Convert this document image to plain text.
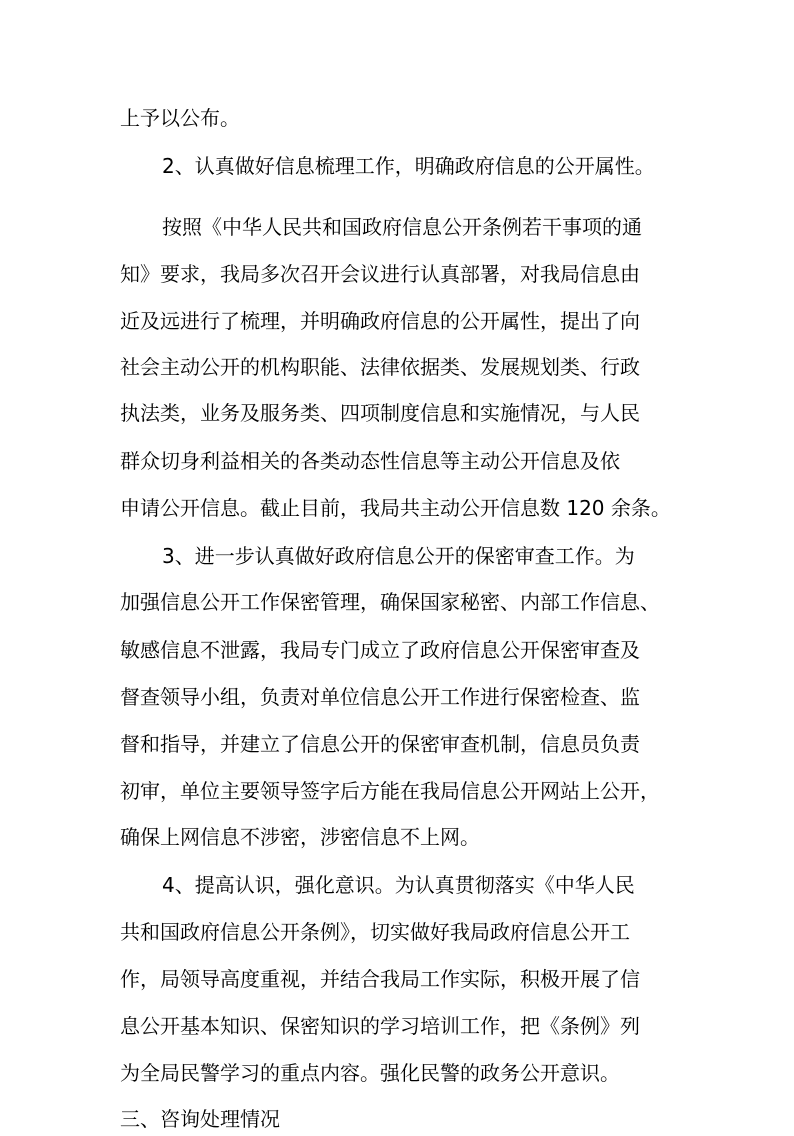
上予以公布。
2、认真做好信息梳理工作，明确政府信息的公开属性。
按照《中华人民共和国政府信息公开条例若干事项的通
知》要求，我局多次召开会议进行认真部署，对我局信息由
近及远进行了梳理，并明确政府信息的公开属性，提出了向
社会主动公开的机构职能、法律依据类、发展规划类、行政
执法类，业务及服务类、四项制度信息和实施情况，与人民
群众切身利益相关的各类动态性信息等主动公开信息及依
申请公开信息。截止目前，我局共主动公开信息数 120 余条。
3、进一步认真做好政府信息公开的保密审查工作。为
加强信息公开工作保密管理，确保国家秘密、内部工作信息、
敏感信息不泄露，我局专门成立了政府信息公开保密审查及
督查领导小组，负责对单位信息公开工作进行保密检查、监
督和指导，并建立了信息公开的保密审查机制，信息员负责
初审，单位主要领导签字后方能在我局信息公开网站上公开，
确保上网信息不涉密，涉密信息不上网。
4、提高认识，强化意识。为认真贯彻落实《中华人民
共和国政府信息公开条例》，切实做好我局政府信息公开工
作，局领导高度重视，并结合我局工作实际，积极开展了信
息公开基本知识、保密知识的学习培训工作，把《条例》列
为全局民警学习的重点内容。强化民警的政务公开意识。
三、咨询处理情况
